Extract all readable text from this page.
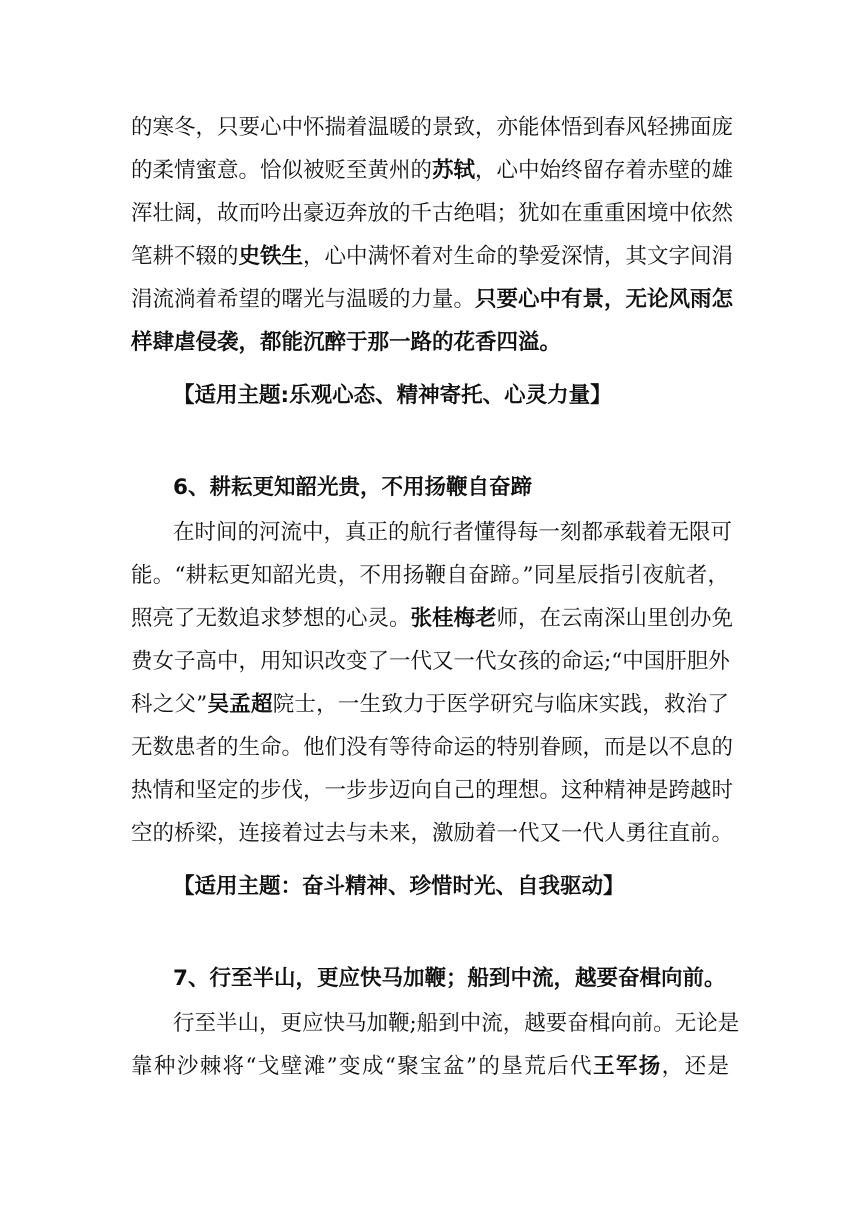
的寒冬，只要心中怀揣着温暖的景致，亦能体悟到春风轻拂面庞
的柔情蜜意。恰似被贬至黄州的苏轼，心中始终留存着赤壁的雄
浑壮阔，故而吟出豪迈奔放的千古绝唱；犹如在重重困境中依然
笔耕不辍的史铁生，心中满怀着对生命的挚爱深情，其文字间涓
涓流淌着希望的曙光与温暖的力量。只要心中有景，无论风雨怎
样肆虐侵袭，都能沉醉于那一路的花香四溢。
【适用主题:乐观心态、精神寄托、心灵力量】
6、耕耘更知韶光贵，不用扬鞭自奋蹄
在时间的河流中，真正的航行者懂得每一刻都承载着无限可
能。“耕耘更知韶光贵，不用扬鞭自奋蹄。”同星辰指引夜航者，
照亮了无数追求梦想的心灵。张桂梅老师，在云南深山里创办免
费女子高中，用知识改变了一代又一代女孩的命运;“中国肝胆外
科之父”吴孟超院士，一生致力于医学研究与临床实践，救治了
无数患者的生命。他们没有等待命运的特别眷顾，而是以不息的
热情和坚定的步伐，一步步迈向自己的理想。这种精神是跨越时
空的桥梁，连接着过去与未来，激励着一代又一代人勇往直前。
【适用主题：奋斗精神、珍惜时光、自我驱动】
7、行至半山，更应快马加鞭；船到中流，越要奋楫向前。
行至半山，更应快马加鞭;船到中流，越要奋楫向前。无论是
靠种沙棘将“戈壁滩”变成“聚宝盆”的垦荒后代王军扬，还是
